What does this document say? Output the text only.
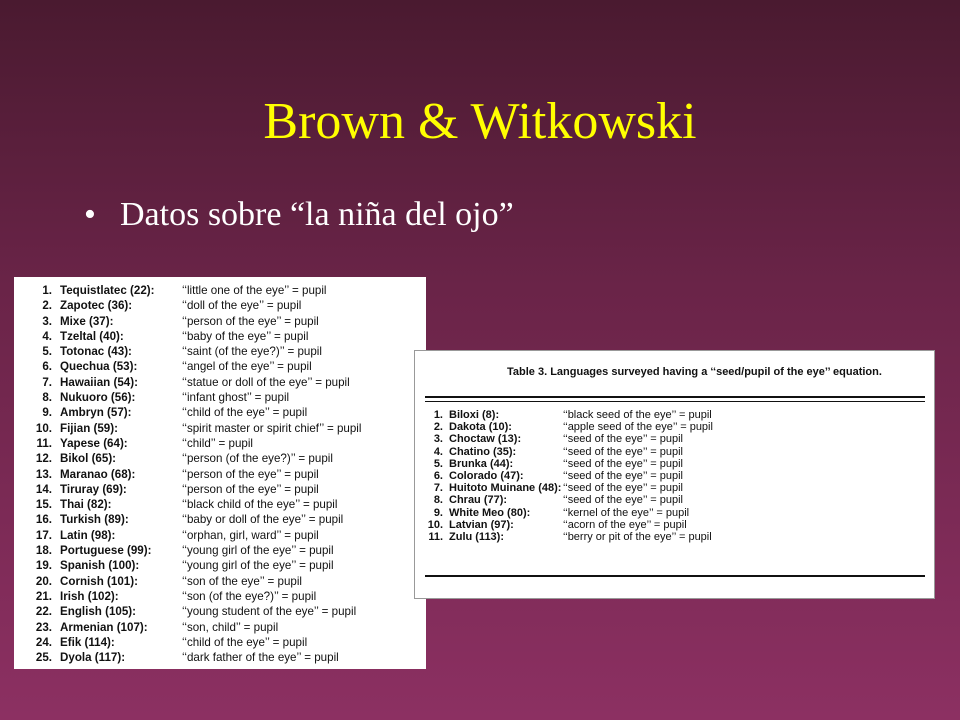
Brown & Witkowski
• Datos sobre “la niña del ojo”
1. Tequistlatec (22): ‘‘little one of the eye’’ = pupil
2. Zapotec (36):	‘‘doll of the eye’’ = pupil
3. Mixe (37):	‘‘person of the eye’’ = pupil
4. Tzeltal (40):	‘‘baby of the eye’’ = pupil
5. Totonac (43):	‘‘saint (of the eye?)’’ = pupil
6. Quechua (53):	‘‘angel of the eye’’ = pupil
7. Hawaiian (54):	‘‘statue or doll of the eye’’ = pupil
8. Nukuoro (56):	‘‘infant ghost’’ = pupil
9. Ambryn (57):	‘‘child of the eye’’ = pupil
10. Fijian (59):	‘‘spirit master or spirit chief’’ = pupil
11. Yapese (64):	‘‘child’’ = pupil
12. Bikol (65):	‘‘person (of the eye?)’’ = pupil
13. Maranao (68):	‘‘person of the eye’’ = pupil
14. Tiruray (69):	‘‘person of the eye’’ = pupil
15. Thai (82):	‘‘black child of the eye’’ = pupil
16. Turkish (89):	‘‘baby or doll of the eye’’ = pupil
17. Latin (98):	‘‘orphan, girl, ward’’ = pupil
18. Portuguese (99):	‘‘young girl of the eye’’ = pupil
19. Spanish (100):	‘‘young girl of the eye’’ = pupil
20. Cornish (101):	‘‘son of the eye’’ = pupil
21. Irish (102):	‘‘son (of the eye?)’’ = pupil
22. English (105):	‘‘young student of the eye’’ = pupil
23. Armenian (107):	‘‘son, child’’ = pupil
24. Efik (114):	‘‘child of the eye’’ = pupil
25. Dyola (117):	‘‘dark father of the eye’’ = pupil
Table 3. Languages surveyed having a ‘‘seed/pupil of the eye’’ equation.
1. Biloxi (8):	‘‘black seed of the eye’’ = pupil
2. Dakota (10):	‘‘apple seed of the eye’’ = pupil
3. Choctaw (13):	‘‘seed of the eye’’ = pupil
4. Chatino (35):	‘‘seed of the eye’’ = pupil
5. Brunka (44):	‘‘seed of the eye’’ = pupil
6. Colorado (47):	‘‘seed of the eye’’ = pupil
7. Huitoto Muinane (48): ‘‘seed of the eye’’ = pupil
8. Chrau (77):	‘‘seed of the eye’’ = pupil
9. White Meo (80):	‘‘kernel of the eye’’ = pupil
10. Latvian (97):	‘‘acorn of the eye’’ = pupil
11. Zulu (113):	‘‘berry or pit of the eye’’ = pupil
